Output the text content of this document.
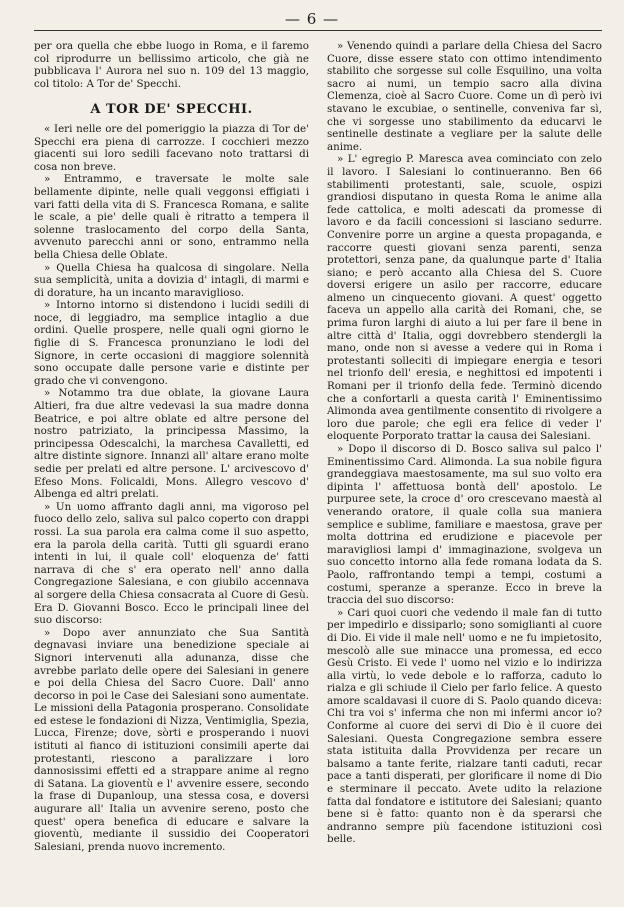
— 6 —

per ora quella che ebbe luogo in Roma, e il faremo col riprodurre un bellissimo articolo, che già ne pubblicava l' Aurora nel suo n. 109 del 13 maggio, col titolo: A Tor de' Specchi.

A TOR DE' SPECCHI.

« Ieri nelle ore del pomeriggio la piazza di Tor de' Specchi era piena di carrozze. I cocchieri mezzo giacenti sui loro sedili facevano noto trattarsi di cosa non breve.

» Entrammo, e traversate le molte sale bellamente dipinte, nelle quali veggonsi effigiati i vari fatti della vita di S. Francesca Romana, e salite le scale, a pie' delle quali è ritratto a tempera il solenne traslocamento del corpo della Santa, avvenuto parecchi anni or sono, entrammo nella bella Chiesa delle Oblate.

» Quella Chiesa ha qualcosa di singolare. Nella sua semplicità, unita a dovizia d' intagli, di marmi e di dorature, ha un incanto maraviglioso.

» Intorno intorno si distendono i lucidi sedili di noce, di leggiadro, ma semplice intaglio a due ordini. Quelle prospere, nelle quali ogni giorno le figlie di S. Francesca pronunziano le lodi del Signore, in certe occasioni di maggiore solennità sono occupate dalle persone varie e distinte per grado che vi convengono.

» Notammo tra due oblate, la giovane Laura Altieri, fra due altre vedevasi la sua madre donna Beatrice, e poi altre oblate ed altre persone del nostro patriziato, la principessa Massimo, la principessa Odescalchi, la marchesa Cavalletti, ed altre distinte signore. Innanzi all' altare erano molte sedie per prelati ed altre persone. L' arcivescovo d' Efeso Mons. Folicaldi, Mons. Allegro vescovo d' Albenga ed altri prelati.

» Un uomo affranto dagli anni, ma vigoroso pel fuoco dello zelo, saliva sul palco coperto con drappi rossi. La sua parola era calma come il suo aspetto, era la parola della carità. Tutti gli sguardi erano intenti in lui, il quale coll' eloquenza de' fatti narrava di che s' era operato nell' anno dalla Congregazione Salesiana, e con giubilo accennava al sorgere della Chiesa consacrata al Cuore di Gesù. Era D. Giovanni Bosco. Ecco le principali linee del suo discorso:

» Dopo aver annunziato che Sua Santità degnavasi inviare una benedizione speciale ai Signori intervenuti alla adunanza, disse che avrebbe parlato delle opere dei Salesiani in genere e poi della Chiesa del Sacro Cuore. Dall' anno decorso in poi le Case dei Salesiani sono aumentate. Le missioni della Patagonia prosperano. Consolidate ed estese le fondazioni di Nizza, Ventimiglia, Spezia, Lucca, Firenze; dove, sòrti e prosperando i nuovi istituti al fianco di istituzioni consimili aperte dai protestanti, riescono a paralizzare i loro dannosissimi effetti ed a strappare anime al regno di Satana. La gioventù e l' avvenire essere, secondo la frase di Dupanloup, una stessa cosa, e doversi augurare all' Italia un avvenire sereno, posto che quest' opera benefica di educare e salvare la gioventù, mediante il sussidio dei Cooperatori Salesiani, prenda nuovo incremento.

» Venendo quindi a parlare della Chiesa del Sacro Cuore, disse essere stato con ottimo intendimento stabilito che sorgesse sul colle Esquilino, una volta sacro ai numi, un tempio sacro alla divina Clemenza, cioè al Sacro Cuore. Come un dì però ivi stavano le excubiae, o sentinelle, conveniva far sì, che vi sorgesse uno stabilimento da educarvi le sentinelle destinate a vegliare per la salute delle anime.

» L' egregio P. Maresca avea cominciato con zelo il lavoro. I Salesiani lo continueranno. Ben 66 stabilimenti protestanti, sale, scuole, ospizi grandiosi disputano in questa Roma le anime alla fede cattolica, e molti adescati da promesse di lavoro e da facili concessioni si lasciano sedurre. Convenire porre un argine a questa propaganda, e raccorre questi giovani senza parenti, senza protettori, senza pane, da qualunque parte d' Italia siano; e però accanto alla Chiesa del S. Cuore doversi erigere un asilo per raccorre, educare almeno un cinquecento giovani. A quest' oggetto faceva un appello alla carità dei Romani, che, se prima furon larghi di aiuto a lui per fare il bene in altre città d' Italia, oggi dovrebbero stendergli la mano, onde non si avesse a vedere qui in Roma i protestanti solleciti di impiegare energia e tesori nel trionfo dell' eresia, e neghittosi ed impotenti i Romani per il trionfo della fede. Terminò dicendo che a confortarli a questa carità l' Eminentissimo Alimonda avea gentilmente consentito di rivolgere a loro due parole; che egli era felice di veder l' eloquente Porporato trattar la causa dei Salesiani.

» Dopo il discorso di D. Bosco saliva sul palco l' Eminentissimo Card. Alimonda. La sua nobile figura grandeggiava maestosamente, ma sul suo volto era dipinta l' affettuosa bontà dell' apostolo. Le purpuree sete, la croce d' oro crescevano maestà al venerando oratore, il quale colla sua maniera semplice e sublime, familiare e maestosa, grave per molta dottrina ed erudizione e piacevole per maravigliosi lampi d' immaginazione, svolgeva un suo concetto intorno alla fede romana lodata da S. Paolo, raffrontando tempi a tempi, costumi a costumi, speranze a speranze. Ecco in breve la traccia del suo discorso:

» Cari quoi cuori che vedendo il male fan di tutto per impedirlo e dissiparlo; sono somiglianti al cuore di Dio. Ei vide il male nell' uomo e ne fu impietosito, mescolò alle sue minacce una promessa, ed ecco Gesù Cristo. Ei vede l' uomo nel vizio e lo indirizza alla virtù, lo vede debole e lo rafforza, caduto lo rialza e gli schiude il Cielo per farlo felice. A questo amore scaldavasi il cuore di S. Paolo quando diceva: Chi tra voi s' inferma che non mi infermi ancor io? Conforme al cuore dei servi di Dio è il cuore dei Salesiani. Questa Congregazione sembra essere stata istituita dalla Provvidenza per recare un balsamo a tante ferite, rialzare tanti caduti, recar pace a tanti disperati, per glorificare il nome di Dio e sterminare il peccato. Avete udito la relazione fatta dal fondatore e istitutore dei Salesiani; quanto bene si è fatto: quanto non è da sperarsi che andranno sempre più facendone istituzioni così belle.
